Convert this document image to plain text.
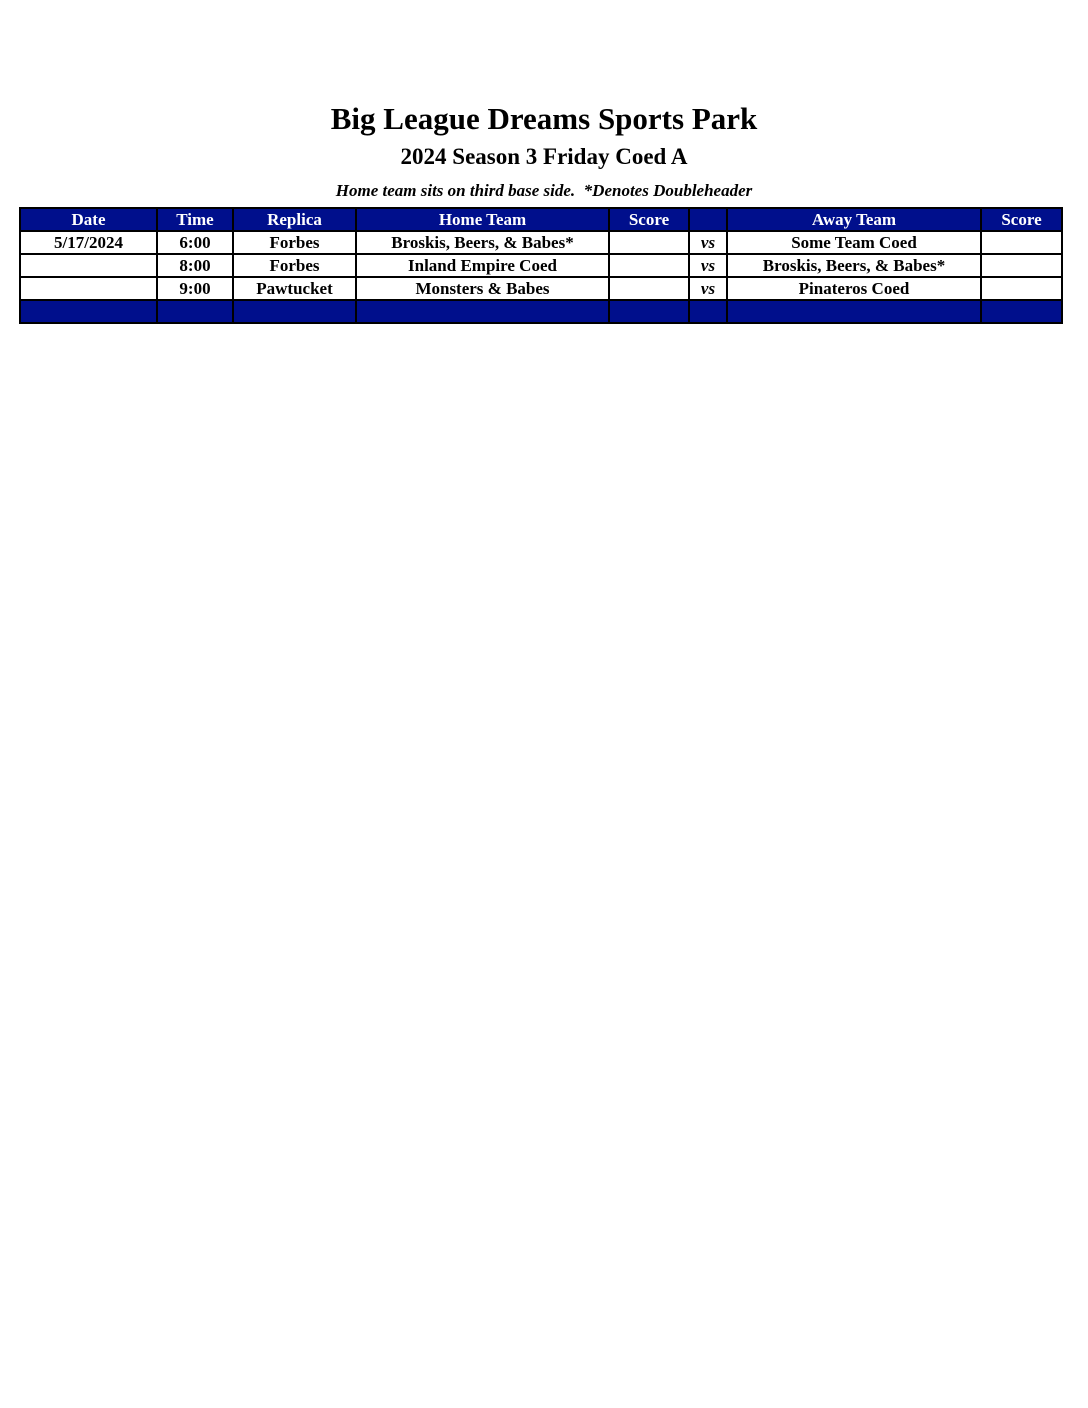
Big League Dreams Sports Park
2024 Season 3 Friday Coed A
Home team sits on third base side.  *Denotes Doubleheader
Date	Time	Replica	Home Team	Score		Away Team	Score
5/17/2024	6:00	Forbes	Broskis, Beers, & Babes*		vs	Some Team Coed	
	8:00	Forbes	Inland Empire Coed		vs	Broskis, Beers, & Babes*	
	9:00	Pawtucket	Monsters & Babes		vs	Pinateros Coed	
